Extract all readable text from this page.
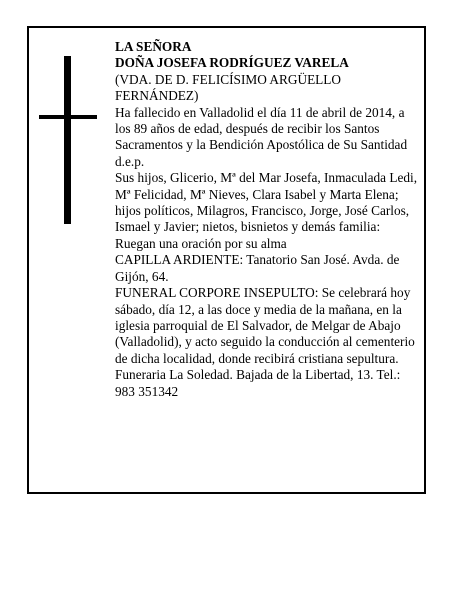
LA SEÑORA

DOÑA JOSEFA RODRÍGUEZ VARELA

(VDA. DE D. FELICÍSIMO ARGÜELLO FERNÁNDEZ)

Ha fallecido en Valladolid el día 11 de abril de 2014, a los 89 años de edad, después de recibir los Santos Sacramentos y la Bendición Apostólica de Su Santidad d.e.p.

Sus hijos, Glicerio, Mª del Mar Josefa, Inmaculada Ledi, Mª Felicidad, Mª Nieves, Clara Isabel y Marta Elena; hijos políticos, Milagros, Francisco, Jorge, José Carlos, Ismael y Javier; nietos, bisnietos y demás familia:

Ruegan una oración por su alma

CAPILLA ARDIENTE: Tanatorio San José. Avda. de Gijón, 64.

FUNERAL CORPORE INSEPULTO: Se celebrará hoy sábado, día 12, a las doce y media de la mañana, en la iglesia parroquial de El Salvador, de Melgar de Abajo (Valladolid), y acto seguido la conducción al cementerio de dicha localidad, donde recibirá cristiana sepultura.

Funeraria La Soledad. Bajada de la Libertad, 13. Tel.: 983 351342
